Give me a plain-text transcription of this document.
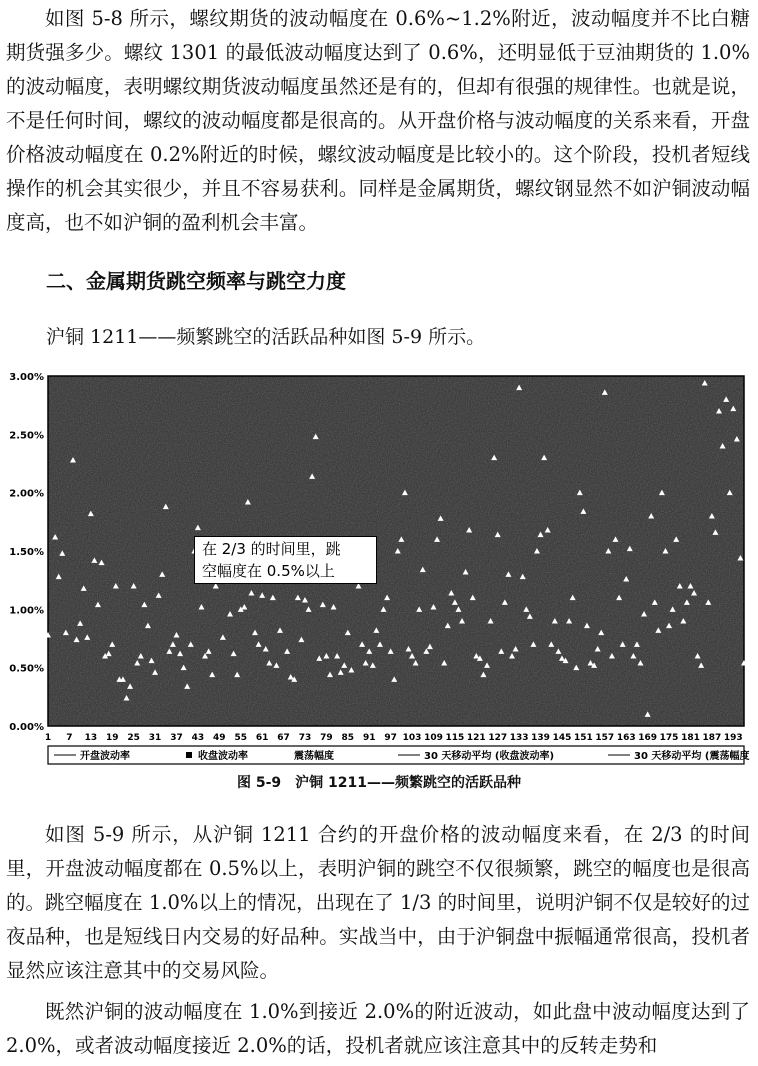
如图 5-8 所示，螺纹期货的波动幅度在 0.6%~1.2%附近，波动幅度并不比白糖期货强多少。螺纹 1301 的最低波动幅度达到了 0.6%，还明显低于豆油期货的 1.0%的波动幅度，表明螺纹期货波动幅度虽然还是有的，但却有很强的规律性。也就是说，不是任何时间，螺纹的波动幅度都是很高的。从开盘价格与波动幅度的关系来看，开盘价格波动幅度在 0.2%附近的时候，螺纹波动幅度是比较小的。这个阶段，投机者短线操作的机会其实很少，并且不容易获利。同样是金属期货，螺纹钢显然不如沪铜波动幅度高，也不如沪铜的盈利机会丰富。

二、金属期货跳空频率与跳空力度

沪铜 1211——频繁跳空的活跃品种如图 5-9 所示。

0.00%
0.50%
1.00%
1.50%
2.00%
2.50%
3.00%
1 7 13 19 25 31 37 43 49 55 61 67 73 79 85 91 97 103 109 115 121 127 133 139 145 151 157 163 169 175 181 187 193
开盘波动率	收盘波动率	震荡幅度	30 天移动平均 (收盘波动率)	30 天移动平均 (震荡幅度)
在 2/3 的时间里，跳
空幅度在 0.5%以上
图 5-9　沪铜 1211——频繁跳空的活跃品种

如图 5-9 所示，从沪铜 1211 合约的开盘价格的波动幅度来看，在 2/3 的时间里，开盘波动幅度都在 0.5%以上，表明沪铜的跳空不仅很频繁，跳空的幅度也是很高的。跳空幅度在 1.0%以上的情况，出现在了 1/3 的时间里，说明沪铜不仅是较好的过夜品种，也是短线日内交易的好品种。实战当中，由于沪铜盘中振幅通常很高，投机者显然应该注意其中的交易风险。

既然沪铜的波动幅度在 1.0%到接近 2.0%的附近波动，如此盘中波动幅度达到了 2.0%，或者波动幅度接近 2.0%的话，投机者就应该注意其中的反转走势和
